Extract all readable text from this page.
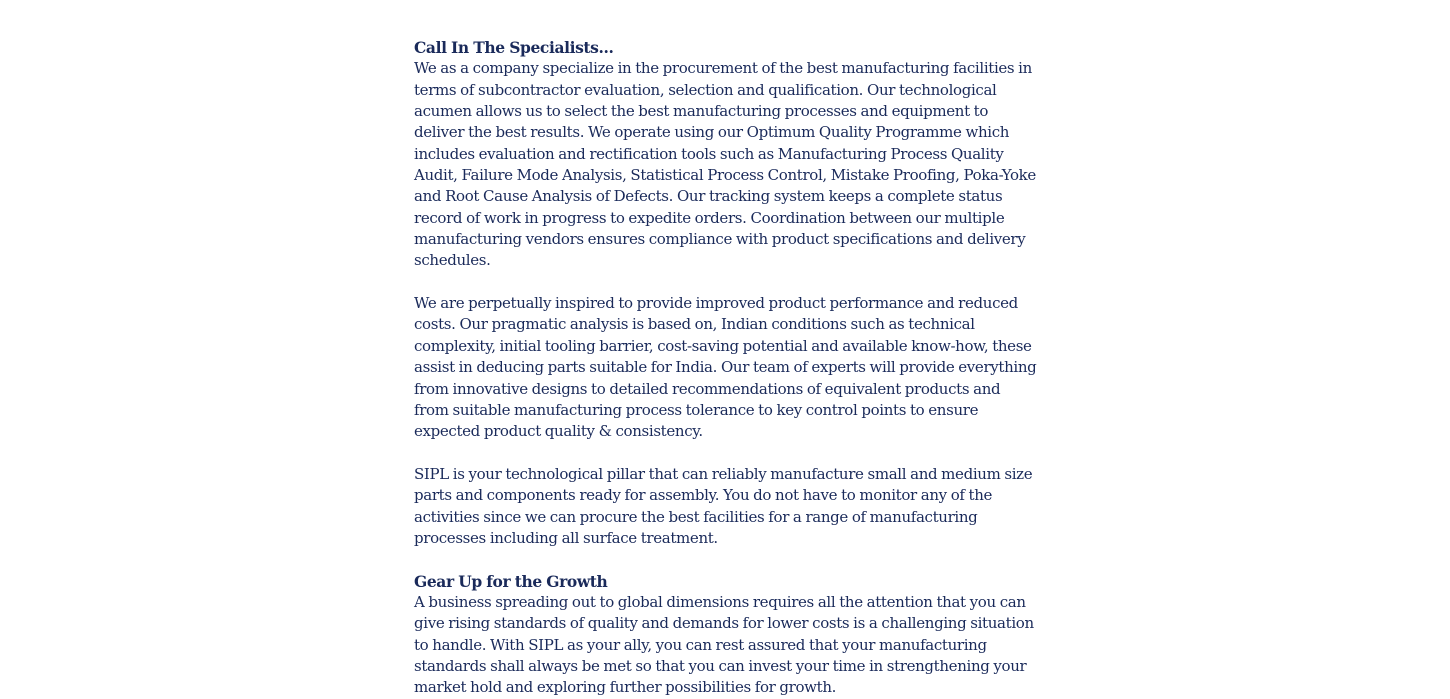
Call In The Specialists...

We as a company specialize in the procurement of the best manufacturing facilities in terms of subcontractor evaluation, selection and qualification. Our technological acumen allows us to select the best manufacturing processes and equipment to deliver the best results. We operate using our Optimum Quality Programme which includes evaluation and rectification tools such as Manufacturing Process Quality Audit, Failure Mode Analysis, Statistical Process Control, Mistake Proofing, Poka-Yoke and Root Cause Analysis of Defects. Our tracking system keeps a complete status record of work in progress to expedite orders. Coordination between our multiple manufacturing vendors ensures compliance with product specifications and delivery schedules.

We are perpetually inspired to provide improved product performance and reduced costs. Our pragmatic analysis is based on, Indian conditions such as technical complexity, initial tooling barrier, cost-saving potential and available know-how, these assist in deducing parts suitable for India. Our team of experts will provide everything from innovative designs to detailed recommendations of equivalent products and from suitable manufacturing process tolerance to key control points to ensure expected product quality & consistency.

SIPL is your technological pillar that can reliably manufacture small and medium size parts and components ready for assembly. You do not have to monitor any of the activities since we can procure the best facilities for a range of manufacturing processes including all surface treatment.

Gear Up for the Growth

A business spreading out to global dimensions requires all the attention that you can give rising standards of quality and demands for lower costs is a challenging situation to handle. With SIPL as your ally, you can rest assured that your manufacturing standards shall always be met so that you can invest your time in strengthening your market hold and exploring further possibilities for growth.
